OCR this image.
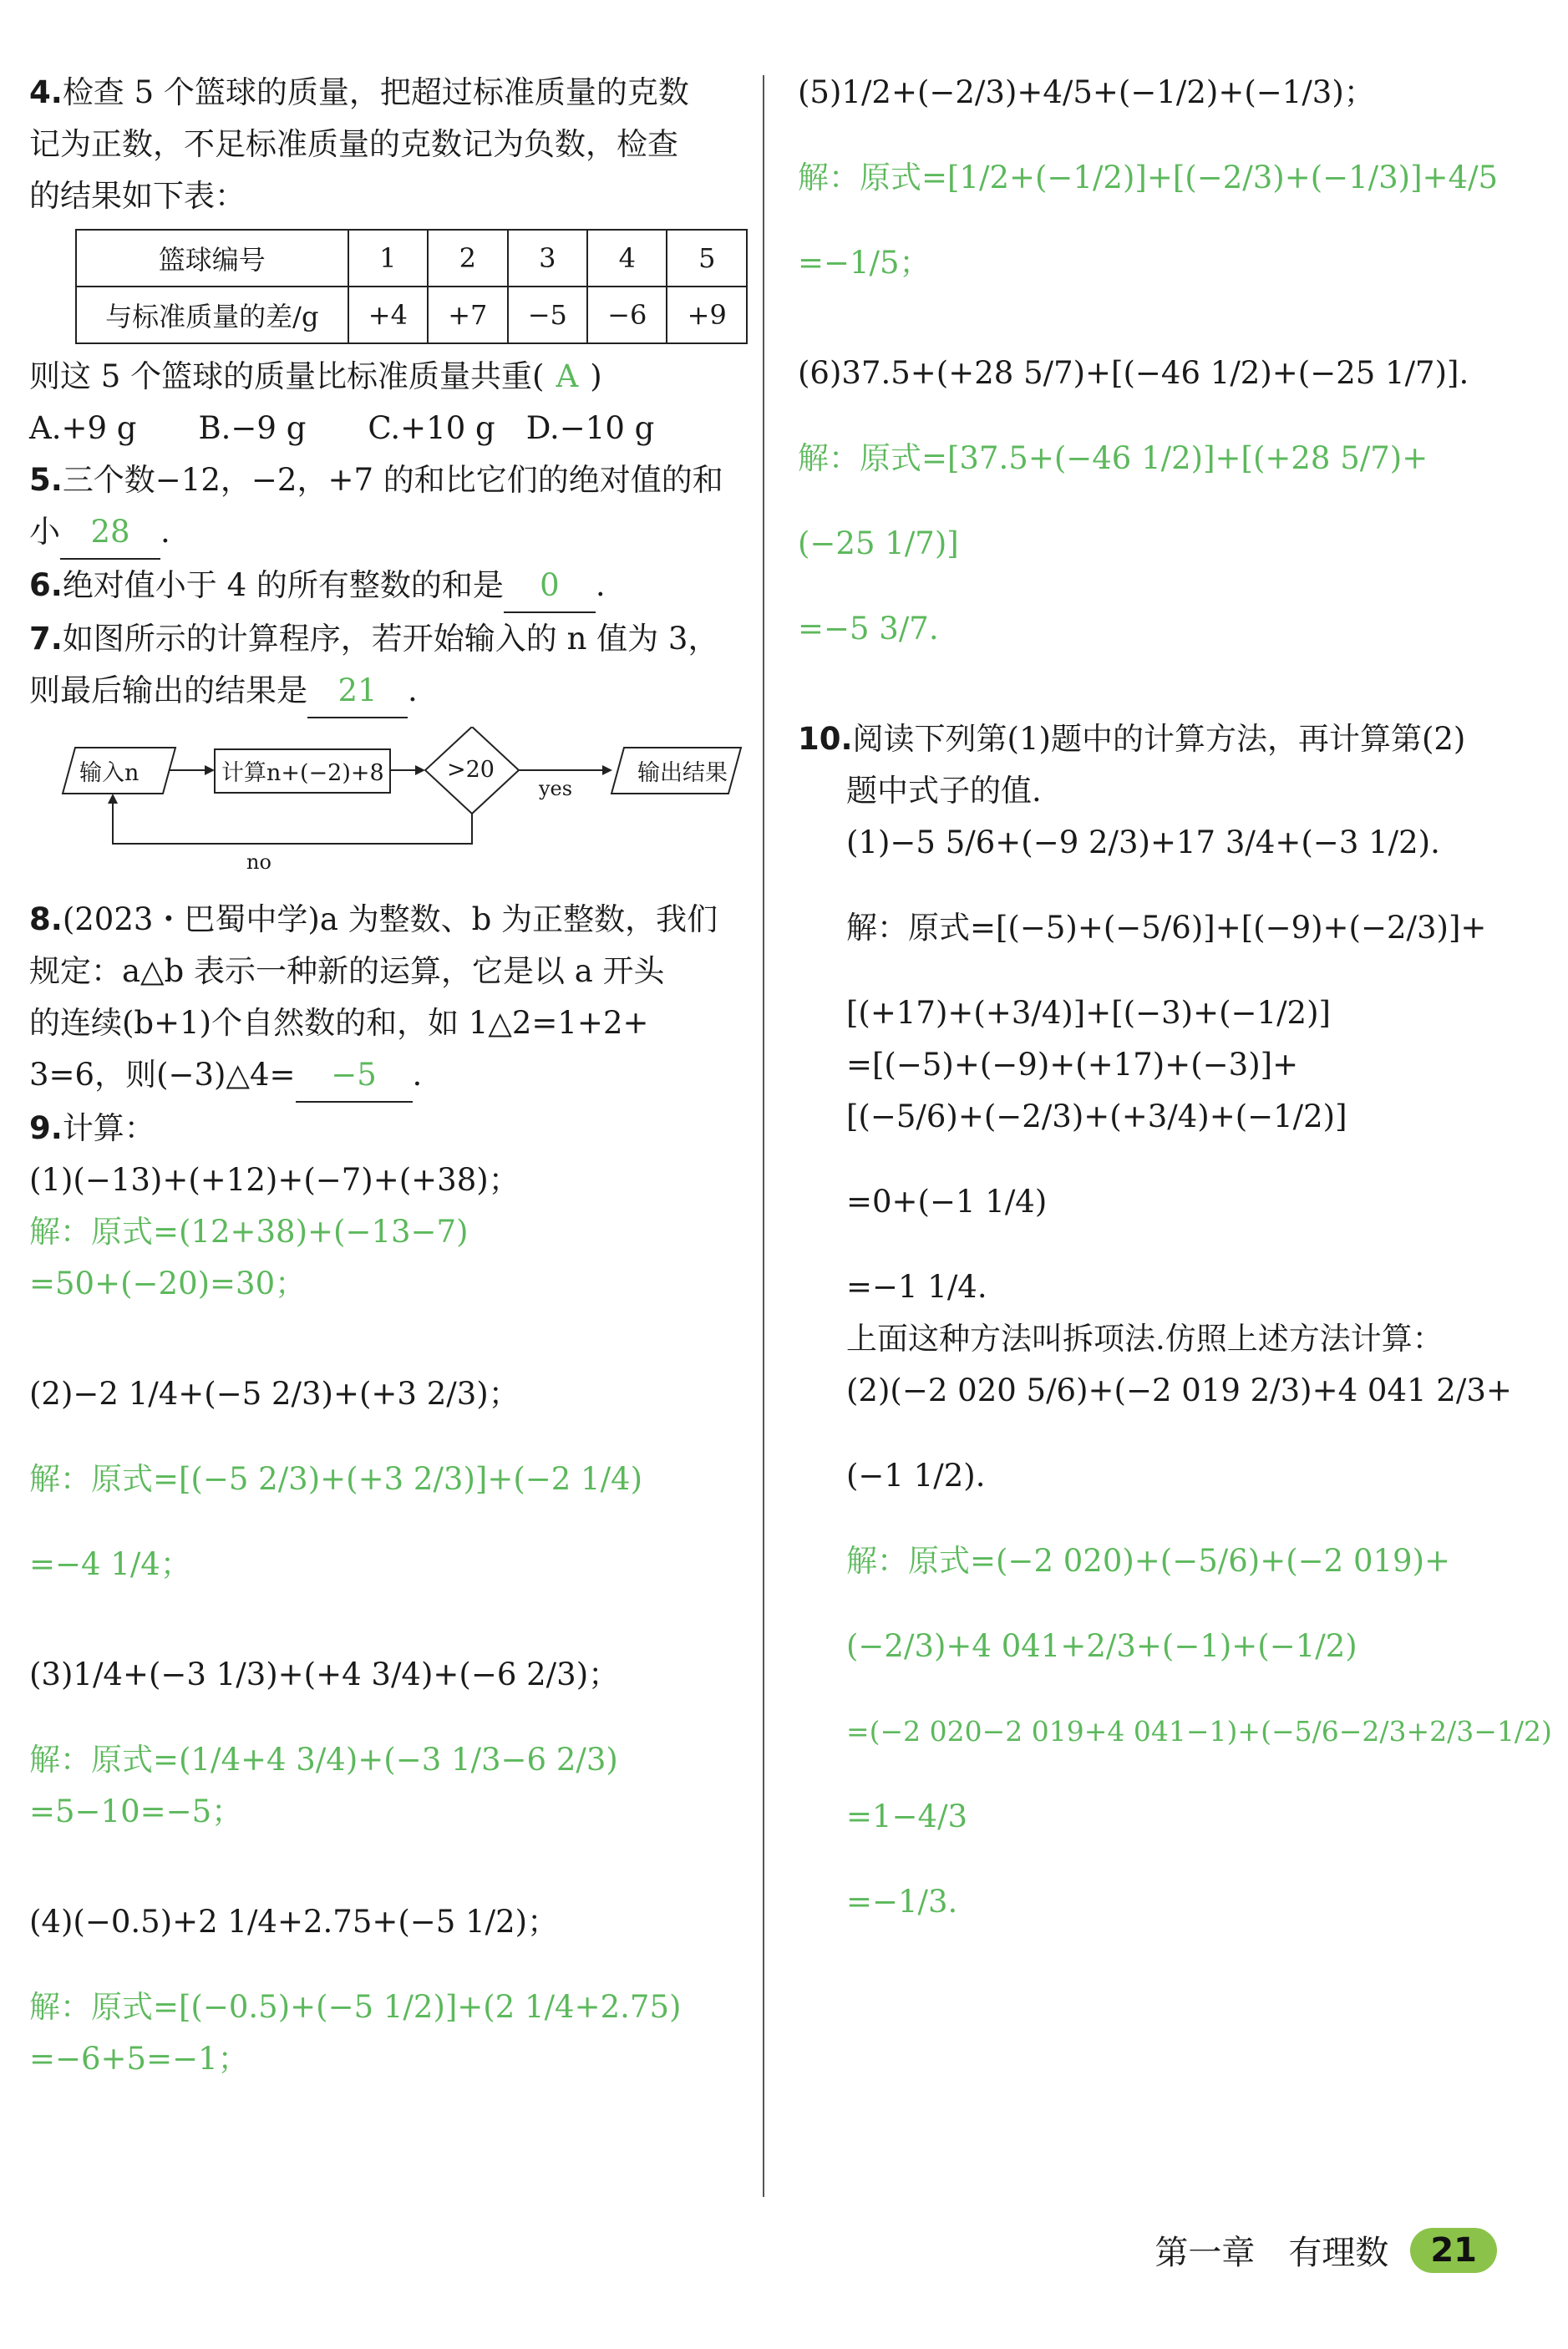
4.检查 5 个篮球的质量，把超过标准质量的克数
记为正数，不足标准质量的克数记为负数，检查
的结果如下表：
篮球编号	1	2	3	4	5
与标准质量的差/g	+4	+7	−5	−6	+9
则这 5 个篮球的质量比标准质量共重( A )
A.+9 g　　B.−9 g　　C.+10 g　D.−10 g
5.三个数−12，−2，+7 的和比它们的绝对值的和
小 28 .
6.绝对值小于 4 的所有整数的和是 0 .
7.如图所示的计算程序，若开始输入的 n 值为 3，
则最后输出的结果是 21 .
输入n	计算n+(−2)+8	>20
yes
输出结果
no
8.(2023・巴蜀中学)a 为整数、b 为正整数，我们
规定：a△b 表示一种新的运算，它是以 a 开头
的连续(b+1)个自然数的和，如 1△2=1+2+
3=6，则(−3)△4= −5 .
9.计算：
(1)(−13)+(+12)+(−7)+(+38)；
解：原式=(12+38)+(−13−7)
=50+(−20)=30；
(2)−2 1/4+(−5 2/3)+(+3 2/3)；
解：原式=[(−5 2/3)+(+3 2/3)]+(−2 1/4)
=−4 1/4；
(3)1/4+(−3 1/3)+(+4 3/4)+(−6 2/3)；
解：原式=(1/4+4 3/4)+(−3 1/3−6 2/3)
=5−10=−5；
(4)(−0.5)+2 1/4+2.75+(−5 1/2)；
解：原式=[(−0.5)+(−5 1/2)]+(2 1/4+2.75)
=−6+5=−1；
(5)1/2+(−2/3)+4/5+(−1/2)+(−1/3)；
解：原式=[1/2+(−1/2)]+[(−2/3)+(−1/3)]+4/5
=−1/5；
(6)37.5+(+28 5/7)+[(−46 1/2)+(−25 1/7)].
解：原式=[37.5+(−46 1/2)]+[(+28 5/7)+
(−25 1/7)]
=−5 3/7.
10.阅读下列第(1)题中的计算方法，再计算第(2)
题中式子的值.
(1)−5 5/6+(−9 2/3)+17 3/4+(−3 1/2).
解：原式=[(−5)+(−5/6)]+[(−9)+(−2/3)]+
[(+17)+(+3/4)]+[(−3)+(−1/2)]
=[(−5)+(−9)+(+17)+(−3)]+
[(−5/6)+(−2/3)+(+3/4)+(−1/2)]
=0+(−1 1/4)
=−1 1/4.
上面这种方法叫拆项法.仿照上述方法计算：
(2)(−2 020 5/6)+(−2 019 2/3)+4 041 2/3+
(−1 1/2).
解：原式=(−2 020)+(−5/6)+(−2 019)+
(−2/3)+4 041+2/3+(−1)+(−1/2)
=(−2 020−2 019+4 041−1)+(−5/6−2/3+2/3−1/2)
=1−4/3
=−1/3.
第一章　有理数	21
